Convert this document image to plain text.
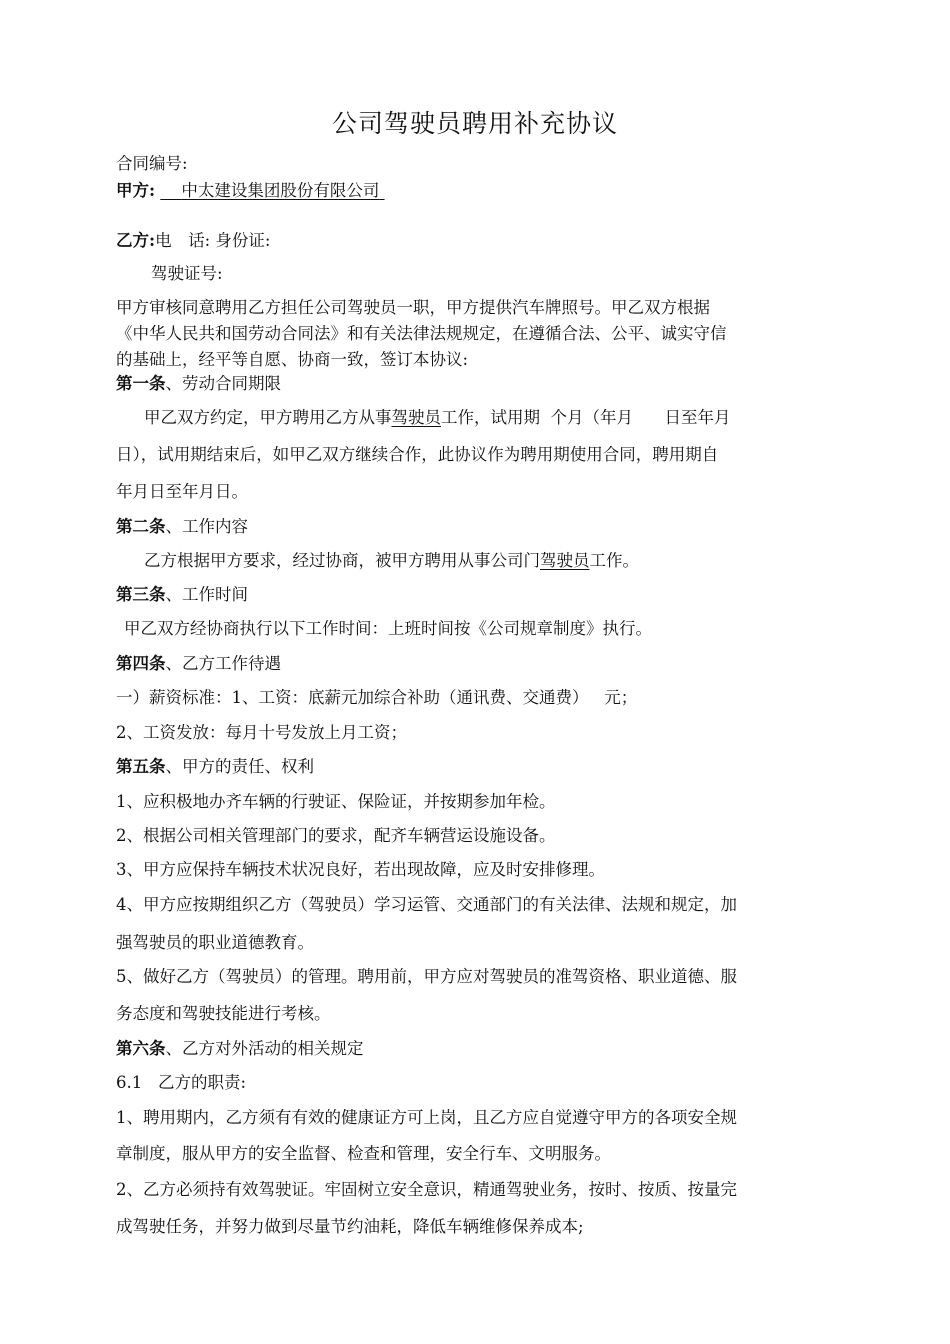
公司驾驶员聘用补充协议
合同编号:
甲方: 中太建设集团股份有限公司
乙方:电　话: 身份证:
驾驶证号:
甲方审核同意聘用乙方担任公司驾驶员一职，甲方提供汽车牌照号。甲乙双方根据
《中华人民共和国劳动合同法》和有关法律法规规定，在遵循合法、公平、诚实守信
的基础上，经平等自愿、协商一致，签订本协议:
第一条、劳动合同期限
甲乙双方约定，甲方聘用乙方从事驾驶员工作，试用期  个月（年月      日至年月
日），试用期结束后，如甲乙双方继续合作，此协议作为聘用期使用合同，聘用期自
年月日至年月日。
第二条、工作内容
乙方根据甲方要求，经过协商，被甲方聘用从事公司门驾驶员工作。
第三条、工作时间
甲乙双方经协商执行以下工作时间：上班时间按《公司规章制度》执行。
第四条、乙方工作待遇
一）薪资标准：1、工资：底薪元加综合补助（通讯费、交通费）   元；
2、工资发放：每月十号发放上月工资；
第五条、甲方的责任、权利
1、应积极地办齐车辆的行驶证、保险证，并按期参加年检。
2、根据公司相关管理部门的要求，配齐车辆营运设施设备。
3、甲方应保持车辆技术状况良好，若出现故障，应及时安排修理。
4、甲方应按期组织乙方（驾驶员）学习运管、交通部门的有关法律、法规和规定，加
强驾驶员的职业道德教育。
5、做好乙方（驾驶员）的管理。聘用前，甲方应对驾驶员的准驾资格、职业道德、服
务态度和驾驶技能进行考核。
第六条、乙方对外活动的相关规定
6.1   乙方的职责:
1、聘用期内，乙方须有有效的健康证方可上岗，且乙方应自觉遵守甲方的各项安全规
章制度，服从甲方的安全监督、检查和管理，安全行车、文明服务。
2、乙方必须持有效驾驶证。牢固树立安全意识，精通驾驶业务，按时、按质、按量完
成驾驶任务，并努力做到尽量节约油耗，降低车辆维修保养成本;
